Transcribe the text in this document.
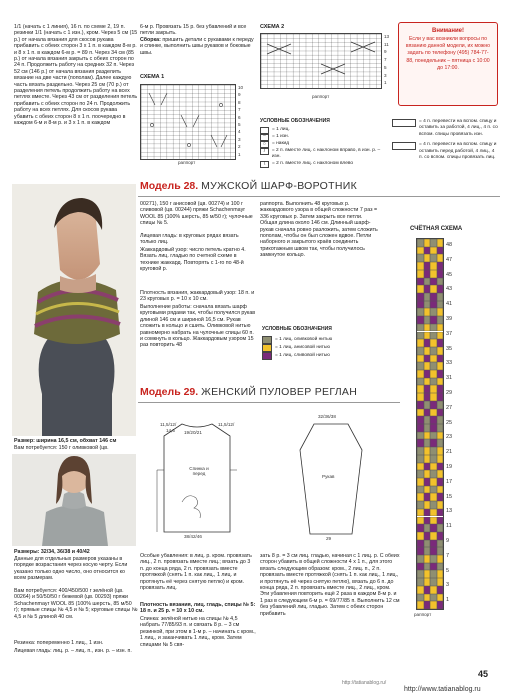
1/1 (начать с 1 линия), 16 п. по схеме 2, 19 п. резинки 1/1 (начать с 1 изн.), кром. Через 5 см (15 р.) от начала вязания для скосов рукава прибавить с обеих сторон 3 x 1 п. в каждом 8-м р. и 8 x 1 п. в каждом 6-м р. = 89 п. Через 34 см (85 р.) от начала вязания закрыть с обеих сторон по 24 п. Продолжить работу на средних 32 п. Через 52 см (146 р.) от начала вязания разделить вязание на две части (пополам). Далее каждую часть вязать раздельно. Через 25 см (70 р.) от разделения петель продолжить работу на всех петлях вместе. Через 43 см от разделения петель прибавить с обеих сторон по 24 п. Продолжить работу на всех петлях. Для скосов рукава убавить с обеих сторон 8 x 1 п. поочередно в каждом 6-м и 8-м р. и 3 x 1 п. в каждом
6-м р. Провязать 15 р. без убавлений и все петли закрыть.
Сборка: пришить детали с рукавами к переду и спинке, выполнить швы рукавов и боковые швы.
СХЕМА 1
10
9
8
7
6
5
4
3
2
1
раппорт
СХЕМА 2
13
11
9
7
5
3
1
раппорт
Внимание!
Если у вас возникли вопросы по вязанию данной модели, их можно задать по телефону (495) 784-77-88, понедельник – пятница с 10:00 до 17:00.
УСЛОВНЫЕ ОБОЗНАЧЕНИЯ
= 1 лиц.
–	= 1 изн.
○	= накид
/	= 2 п. вместе лиц. с наклоном вправо, в изн. р. – изн.
\	= 2 п. вместе лиц. с наклоном влево
= 4 п. перевести на вспом. спицу и оставить за работой, 4 лиц., 4 п. со вспом. спицы провязать изн.
= 4 п. перевести на вспом. спицу и оставить перед работой, 4 лиц., 4 п. со вспом. спицы провязать лиц.
Модель 28. МУЖСКОЙ ШАРФ-ВОРОТНИК
Размер: ширина 16,5 см, обхват 146 см
Вам потребуется: 150 г оливковой (цв.
00271), 150 г анисовой (цв. 00274) и 100 г сливовой (цв. 00244) пряжи Schachenmayr WOOL 85 (100% шерсть, 85 м/50 г); чулочные спицы № 5.
Лицевая гладь: в круговых рядах вязать только лиц.
Жаккардовый узор: число петель кратно 4. Вязать лиц. гладью по счетной схеме в технике жаккард. Повторять с 1-го по 48-й круговой р.
Плотность вязания, жаккардовый узор: 18 п. и 23 круговых р. = 10 x 10 см.
Выполнение работы: сначала вязать шарф круговыми рядами так, чтобы получился рукав длиной 146 см и шириной 16,5 см. Рукав сложить в кольцо и сшить. Оливковой нитью равномерно набрать на чулочные спицы 60 п. и сомкнуть в кольцо. Жаккардовым узором 15 раз повторить 48
раппорта. Выполнить 48 круговых р. жаккардового узора в общей сложности 7 раз = 336 круговых р. Затем закрыть все петли. Общая длина около 146 см. Длинный шарф-рукав сначала ровно разложить, затем сложить пополам, чтобы он был сложен вдвое. Петли наборного и закрытого краёв соединить трикотажным швом так, чтобы получилось замкнутое кольцо.
УСЛОВНЫЕ ОБОЗНАЧЕНИЯ
= 1 лиц. оливковой нитью
= 1 лиц. анисовой нитью
= 1 лиц. сливовой нитью
СЧЁТНАЯ СХЕМА
48
47
45
43
41
39
37
35
33
31
29
27
25
23
21
19
17
15
13
11
9
7
5
3
1
раппорт
Модель 29. ЖЕНСКИЙ ПУЛОВЕР РЕГЛАН
Размеры: 32/34, 36/38 и 40/42
Данные для отдельных размеров указаны в порядке возрастания через косую черту. Если указано только одно число, оно относится ко всем размерам.
Вам потребуется: 400/450/500 г зелёной (цв. 00264) и 50/50/50 г бежевой (цв. 00293) пряжи Schachenmayr WOOL 85 (100% шерсть, 85 м/50 г); прямые спицы № 4,5 и № 5; круговые спицы № 4,5 и № 5 длиной 40 см.
Резинка: попеременно 1 лиц., 1 изн.
Лицевая гладь: лиц. р. – лиц. п., изн. р. – изн. п.
11,5/12/
19/20/21
11,5/12/
14,5
Спинка и перед
38/42/46
32/36/38
Рукав
29
Особые убавления: в лиц. р. кром. провязать лиц., 2 п. провязать вместе лиц.; вязать до 3 п. до конца ряда, 2 п. провязать вместе протяжкой (снять 1 п. как лиц., 1 лиц. и протянуть её через снятую петлю) и кром. провязать лиц.
Плотность вязания, лиц. гладь, спицы № 5: 18 п. и 25 р. = 10 x 10 см.
Спинка: зелёной нитью на спицы № 4,5 набрать 77/85/93 п. и связать 8 р. – 3 см резинкой, при этом в 1-м р. – начинать с кром., 1 лиц., и заканчивать 1 лиц., кром. Затем спицами № 5 свя-
зать 8 р. = 3 см лиц. гладью, начиная с 1 лиц. р. С обеих сторон убавить в общей сложности 4 x 1 п., для этого вязать следующим образом: кром., 2 лиц. п., 2 п. провязать вместе протяжкой (снять 1 п. как лиц., 1 лиц., и протянуть её через снятую петлю), вязать до 6 п. до конца ряда, 2 п. провязать вместе лиц., 2 лиц., кром. Эти убавления повторить ещё 2 раза в каждом 8-м р. и 1 раз в следующем 6-м р. = 69/77/85 п. Выполнить 12 см без убавлений лиц. гладью. Затем с обеих сторон прибавить
45
http://tatianablog.ru/
http://www.tatianablog.ru
